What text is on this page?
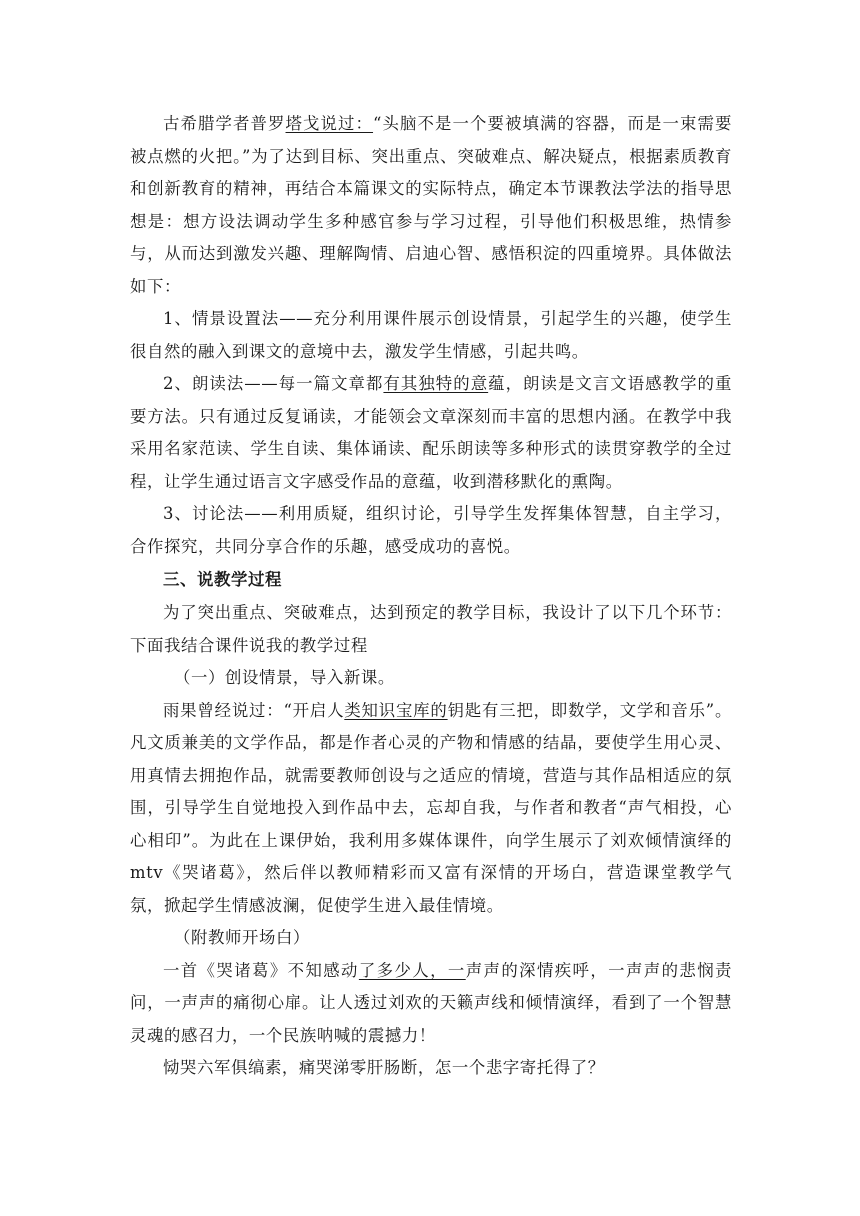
古希腊学者普罗塔戈说过：“头脑不是一个要被填满的容器，而是一束需要被点燃的火把。”为了达到目标、突出重点、突破难点、解决疑点，根据素质教育和创新教育的精神，再结合本篇课文的实际特点，确定本节课教法学法的指导思想是：想方设法调动学生多种感官参与学习过程，引导他们积极思维，热情参与，从而达到激发兴趣、理解陶情、启迪心智、感悟积淀的四重境界。具体做法如下：

1、情景设置法——充分利用课件展示创设情景，引起学生的兴趣，使学生很自然的融入到课文的意境中去，激发学生情感，引起共鸣。

2、朗读法——每一篇文章都有其独特的意蕴，朗读是文言文语感教学的重要方法。只有通过反复诵读，才能领会文章深刻而丰富的思想内涵。在教学中我采用名家范读、学生自读、集体诵读、配乐朗读等多种形式的读贯穿教学的全过程，让学生通过语言文字感受作品的意蕴，收到潜移默化的熏陶。

3、讨论法——利用质疑，组织讨论，引导学生发挥集体智慧，自主学习，合作探究，共同分享合作的乐趣，感受成功的喜悦。

三、说教学过程

为了突出重点、突破难点，达到预定的教学目标，我设计了以下几个环节：下面我结合课件说我的教学过程

（一）创设情景，导入新课。

雨果曾经说过：“开启人类知识宝库的钥匙有三把，即数学，文学和音乐”。凡文质兼美的文学作品，都是作者心灵的产物和情感的结晶，要使学生用心灵、用真情去拥抱作品，就需要教师创设与之适应的情境，营造与其作品相适应的氛围，引导学生自觉地投入到作品中去，忘却自我，与作者和教者“声气相投，心心相印”。为此在上课伊始，我利用多媒体课件，向学生展示了刘欢倾情演绎的mtv《哭诸葛》，然后伴以教师精彩而又富有深情的开场白，营造课堂教学气氛，掀起学生情感波澜，促使学生进入最佳情境。

（附教师开场白）

一首《哭诸葛》不知感动了多少人，一声声的深情疾呼，一声声的悲悯责问，一声声的痛彻心扉。让人透过刘欢的天籁声线和倾情演绎，看到了一个智慧灵魂的感召力，一个民族呐喊的震撼力！

恸哭六军俱缟素，痛哭涕零肝肠断，怎一个悲字寄托得了？
